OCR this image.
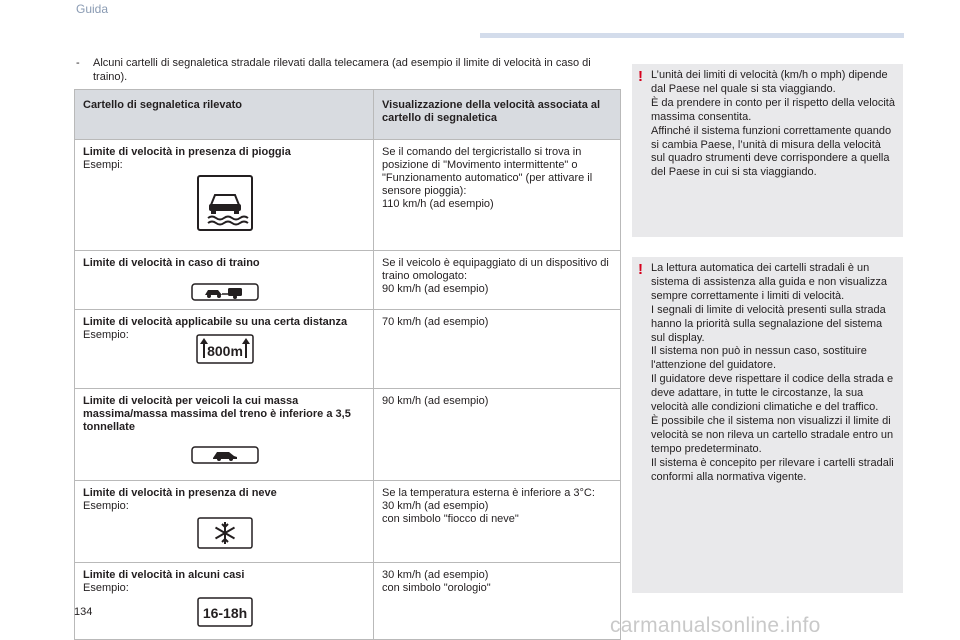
Guida
-	Alcuni cartelli di segnaletica stradale rilevati dalla telecamera (ad esempio il limite di velocità in caso di traino).
Cartello di segnaletica rilevato	Visualizzazione della velocità associata al cartello di segnaletica

Limite di velocità in presenza di pioggia
Esempi:	Se il comando del tergicristallo si trova in posizione di "Movimento intermittente" o "Funzionamento automatico" (per attivare il sensore pioggia):
110 km/h (ad esempio)

Limite di velocità in caso di traino	Se il veicolo è equipaggiato di un dispositivo di traino omologato:
90 km/h (ad esempio)

Limite di velocità applicabile su una certa distanza
Esempio:
800m	70 km/h (ad esempio)

Limite di velocità per veicoli la cui massa massima/massa massima del treno è inferiore a 3,5 tonnellate	90 km/h (ad esempio)

Limite di velocità in presenza di neve
Esempio:	Se la temperatura esterna è inferiore a 3°C:
30 km/h (ad esempio)
con simbolo "fiocco di neve"

Limite di velocità in alcuni casi
Esempio:
16-18h	30 km/h (ad esempio)
con simbolo "orologio"
! L’unità dei limiti di velocità (km/h o mph) dipende dal Paese nel quale si sta viaggiando.
È da prendere in conto per il rispetto della velocità massima consentita.
Affinché il sistema funzioni correttamente quando si cambia Paese, l’unità di misura della velocità sul quadro strumenti deve corrispondere a quella del Paese in cui si sta viaggiando.
! La lettura automatica dei cartelli stradali è un sistema di assistenza alla guida e non visualizza sempre correttamente i limiti di velocità.
I segnali di limite di velocità presenti sulla strada hanno la priorità sulla segnalazione del sistema sul display.
Il sistema non può in nessun caso, sostituire l'attenzione del guidatore.
Il guidatore deve rispettare il codice della strada e deve adattare, in tutte le circostanze, la sua velocità alle condizioni climatiche e del traffico.
È possibile che il sistema non visualizzi il limite di velocità se non rileva un cartello stradale entro un tempo predeterminato.
Il sistema è concepito per rilevare i cartelli stradali conformi alla normativa vigente.
134
carmanualsonline.info
